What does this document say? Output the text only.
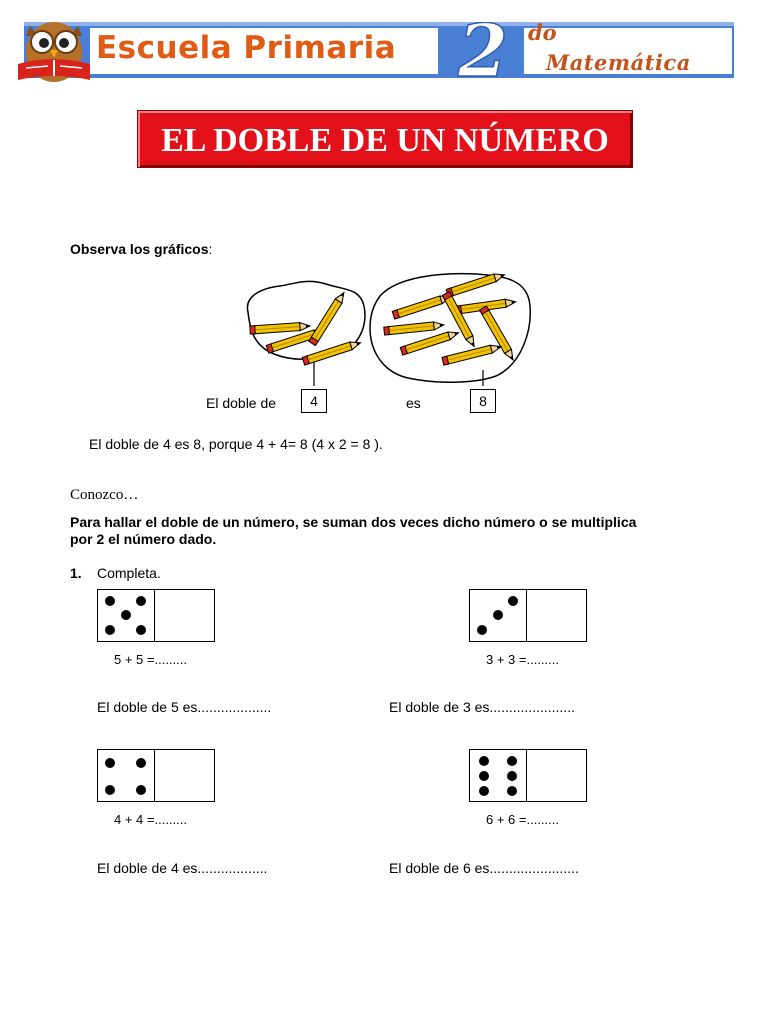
Escuela Primaria 2 do
Matemática
EL DOBLE DE UN NÚMERO
Observa los gráficos:
El doble de	4	es	8
El doble de 4 es 8, porque 4 + 4= 8 (4 x 2 = 8 ).
Conozco…
Para hallar el doble de un número, se suman dos veces dicho número o se multiplica
por 2 el número dado.
1. Completa.
5 + 5 =.........
El doble de 5 es...................
3 + 3 =.........
El doble de 3 es......................
4 + 4 =.........
El doble de 4 es..................
6 + 6 =.........
El doble de 6 es.......................
